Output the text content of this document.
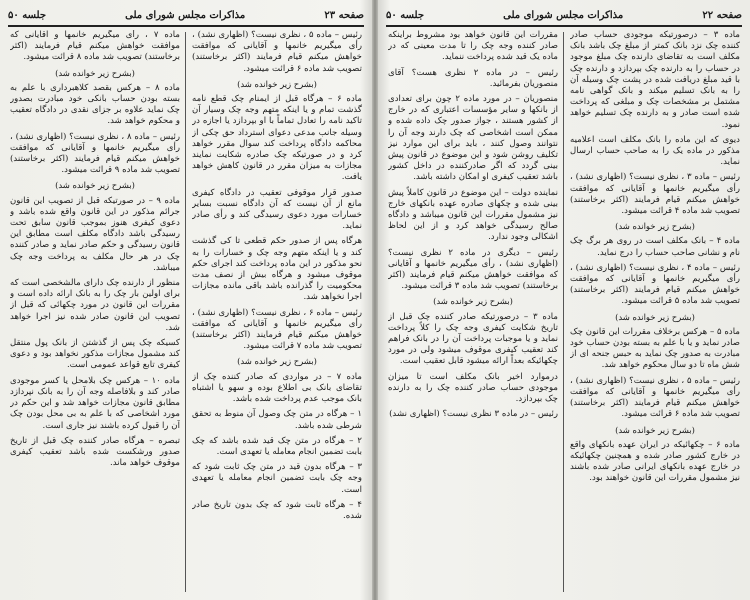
صفحه ۲۳
مذاکرات مجلس شورای ملی
جلسه ۵۰

رئیس – ماده ۵ ، نظری نیست؟ (اظهاری نشد) ، رأی میگیریم خانمها و آقایانی که موافقت خواهش میکنم قیام فرمایند (اکثر برخاستند) تصویب شد ماده ۶ قرائت میشود.

(بشرح زیر خوانده شد)

ماده ۶ – هرگاه قبل از ایمنام چک قطع نامه گذشت تمام و یا اینکه متهم وجه چک وسیار آن تاکید نامه را تعادل تماماً با او بپردازد یا اجازه در وسیله جانب مدعی دعوای استرداد حق چکی از محاکمه دادگاه پرداخت کند سوال مقرر خواهد کرد و در صورتیکه چک صادره شکایت نمایند مجازات به میزان مقرر در قانون کاهش خواهد یافت.

صدور قرار موقوفی تعقیب در دادگاه کیفری مانع از آن نیست که آن دادگاه نسبت بسایر خسارات مورد دعوی رسیدگی کند و رأی صادر نماید.

هرگاه پس از صدور حکم قطعی تا کی گذشت کند و یا اینکه متهم وجه چک و خسارات را به نحو مذکور در این ماده پرداخت کند اجرای حکم موقوف میشود و هرگاه بیش از نصف مدت محکومیت را گذرانده باشد باقی مانده مجازات اجرا نخواهد شد.

رئیس – ماده ۶ ، نظری نیست؟ (اظهاری نشد) ، رأی میگیریم خانمها و آقایانی که موافقت خواهش میکنم قیام فرمایند (اکثر برخاستند) تصویب شد ماده ۷ قرائت میشود.

(بشرح زیر خوانده شد)

ماده ۷ – در مواردی که صادر کننده چک از تقاضای بانک بی اطلاع بوده و سهو یا اشتباه بانک موجب عدم پرداخت شده باشد.

۱ – هرگاه در متن چک وصول آن منوط به تحقق شرطی شده باشد.

۲ – هرگاه در متن چک قید شده باشد که چک بابت تضمین انجام معامله یا تعهدی است.

۳ – هرگاه بدون قید در متن چک ثابت شود که وجه چک بابت تضمین انجام معامله یا تعهدی است.

۴ – هرگاه ثابت شود که چک بدون تاریخ صادر شده.

ماده ۷ ، رأی میگیریم خانمها و آقایانی که موافقت خواهش میکنم قیام فرمایند (اکثر برخاستند) تصویب شد ماده ۸ قرائت میشود.

(بشرح زیر خوانده شد)

ماده ۸ – هرکس بقصد کلاهبرداری با علم به بسته بودن حساب بانکی خود مبادرت بصدور چک نماید علاوه بر جزای نقدی در دادگاه تعقیب و محکوم خواهد شد.

رئیس – ماده ۸ ، نظری نیست؟ (اظهاری نشد) ، رأی میگیریم خانمها و آقایانی که موافقت خواهش میکنم قیام فرمایند (اکثر برخاستند) تصویب شد ماده ۹ قرائت میشود.

(بشرح زیر خوانده شد)

ماده ۹ – در صورتیکه قبل از تصویب این قانون جرائم مذکور در این قانون واقع شده باشد و دعوی کیفری هنوز بموجب قانون سابق تحت رسیدگی باشد دادگاه مکلف است مطابق این قانون رسیدگی و حکم صادر نماید و صادر کننده چک در هر حال مکلف به پرداخت وجه چک میباشد.

منظور از دارنده چک دارای مالشخصی است که برای اولین بار چک را به بانک ارائه داده است و مقررات این قانون در مورد چکهائی که قبل از تصویب این قانون صادر شده نیز اجرا خواهد شد.

کسیکه چک پس از گذشتن از بانک پول منتقل کند مشمول مجازات مذکور نخواهد بود و دعوی کیفری تابع قواعد عمومی است.

ماده ۱۰ – هرکس چک بلامحل یا کسر موجودی صادر کند و بلافاصله وجه آن را به بانک نپردازد مطابق قانون مجازات خواهد شد و این حکم در مورد اشخاصی که با علم به بی محل بودن چک آن را قبول کرده باشند نیز جاری است.

تبصره – هرگاه صادر کننده چک قبل از تاریخ صدور ورشکست شده باشد تعقیب کیفری موقوف خواهد ماند.

صفحه ۲۲
مذاکرات مجلس شورای ملی
جلسه ۵۰

ماده ۳ – درصورتیکه موجودی حساب صادر کننده چک نزد بانک کمتر از مبلغ چک باشد بانک مکلف است به تقاضای دارنده چک مبلغ موجود در حساب را به دارنده چک بپردازد و دارنده چک با قید مبلغ دریافت شده در پشت چک وسیله آن را به بانک تسلیم میکند و بانک گواهی نامه مشتمل بر مشخصات چک و مبلغی که پرداخت شده است صادر و به دارنده چک تسلیم خواهد نمود.

دیوی که این ماده را بانک مکلف است اعلامیه مذکور در ماده یک را به صاحب حساب ارسال نماید.

رئیس – ماده ۳ ، نظری نیست؟ (اظهاری نشد) ، رأی میگیریم خانمها و آقایانی که موافقت خواهش میکنم قیام فرمایند (اکثر برخاستند) تصویب شد ماده ۴ قرائت میشود.

(بشرح زیر خوانده شد)

ماده ۴ – بانک مکلف است در روی هر برگ چک نام و نشانی صاحب حساب را درج نماید.

رئیس – ماده ۴ ، نظری نیست؟ (اظهاری نشد) ، رأی میگیریم خانمها و آقایانی که موافقت خواهش میکنم قیام فرمایند (اکثر برخاستند) تصویب شد ماده ۵ قرائت میشود.

(بشرح زیر خوانده شد)

ماده ۵ – هرکس برخلاف مقررات این قانون چک صادر نماید و یا با علم به بسته بودن حساب خود مبادرت به صدور چک نماید به حبس جنحه ای از شش ماه تا دو سال محکوم خواهد شد.

رئیس – ماده ۵ ، نظری نیست؟ (اظهاری نشد) ، رأی میگیریم خانمها و آقایانی که موافقت خواهش میکنم قیام فرمایند (اکثر برخاستند) تصویب شد ماده ۶ قرائت میشود.

(بشرح زیر خوانده شد)

ماده ۶ – چکهائیکه در ایران عهده بانکهای واقع در خارج کشور صادر شده و همچنین چکهائیکه در خارج عهده بانکهای ایرانی صادر شده باشند نیز مشمول مقررات این قانون خواهند بود.

مقررات این قانون خواهد بود مشروط براینکه صادر کننده وجه چک را تا مدت معینی که در ماده یک قید شده پرداخت ننماید.

رئیس – در ماده ۲ نظری هست؟ آقای منصوریان بفرمائید.

منصوریان – در مورد ماده ۲ چون برای تعدادی از بانکها و سایر مؤسسات اعتباری که در خارج از کشور هستند ، جواز صدور چک داده شده و ممکن است اشخاصی که چک دارند وجه آن را نتوانند وصول کنند ، باید برای این موارد نیز تکلیف روشن شود و این موضوع در قانون پیش بینی گردد که اگر صادرکننده در داخل کشور باشد تعقیب کیفری او امکان داشته باشد.

نماینده دولت – این موضوع در قانون کاملاً پیش بینی شده و چکهای صادره عهده بانکهای خارج نیز مشمول مقررات این قانون میباشد و دادگاه صالح رسیدگی خواهد کرد و از این لحاظ اشکالی وجود ندارد.

رئیس – دیگری در ماده ۲ نظری نیست؟ (اظهاری نشد) ، رأی میگیریم خانمها و آقایانی که موافقت خواهش میکنم قیام فرمایند (اکثر برخاستند) تصویب شد ماده ۳ قرائت میشود.

(بشرح زیر خوانده شد)

ماده ۳ – درصورتیکه صادر کننده چک قبل از تاریخ شکایت کیفری وجه چک را کلاً پرداخت نماید و یا موجبات پرداخت آن را در بانک فراهم کند تعقیب کیفری موقوف میشود ولی در مورد چکهائیکه بعداً ارائه میشود قابل تعقیب است.

درموارد اخیر بانک مکلف است تا میزان موجودی حساب صادر کننده چک را به دارنده چک بپردازد.

رئیس – در ماده ۳ نظری نیست؟ (اظهاری نشد)
